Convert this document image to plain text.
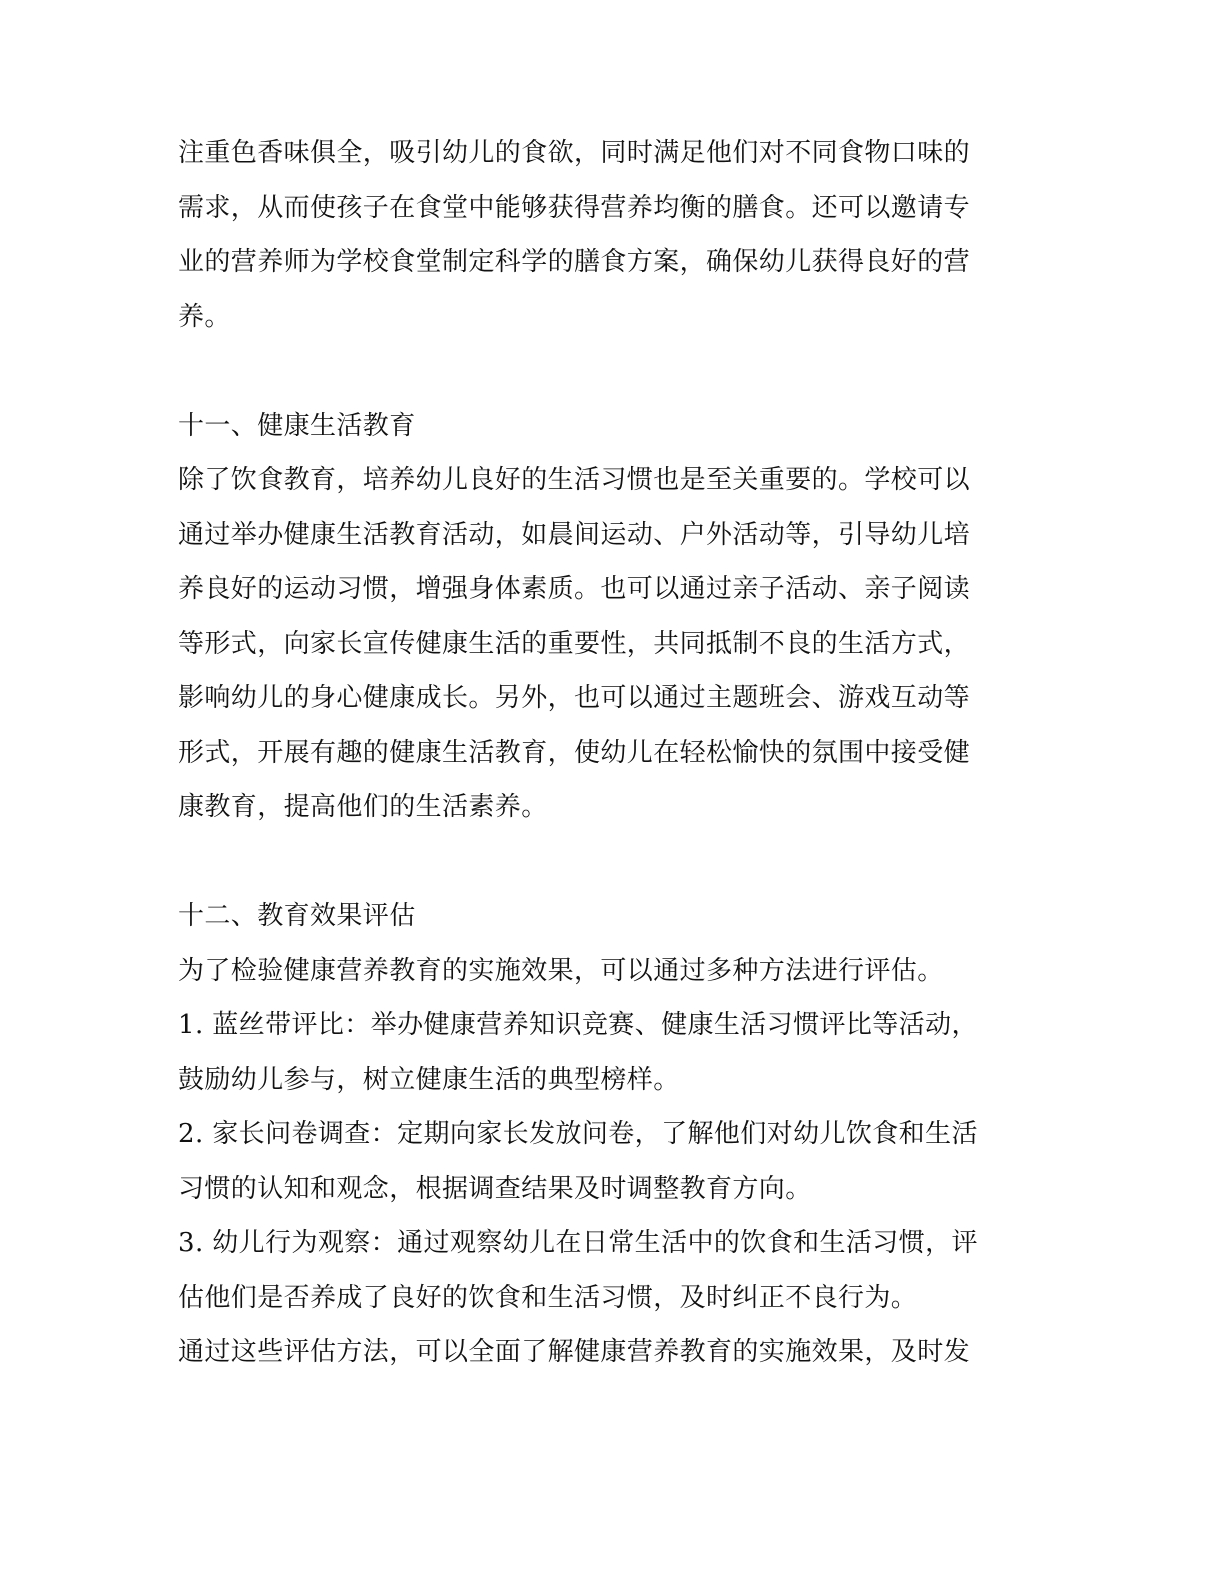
注重色香味俱全，吸引幼儿的食欲，同时满足他们对不同食物口味的
需求，从而使孩子在食堂中能够获得营养均衡的膳食。还可以邀请专
业的营养师为学校食堂制定科学的膳食方案，确保幼儿获得良好的营
养。
十一、健康生活教育
除了饮食教育，培养幼儿良好的生活习惯也是至关重要的。学校可以
通过举办健康生活教育活动，如晨间运动、户外活动等，引导幼儿培
养良好的运动习惯，增强身体素质。也可以通过亲子活动、亲子阅读
等形式，向家长宣传健康生活的重要性，共同抵制不良的生活方式，
影响幼儿的身心健康成长。另外，也可以通过主题班会、游戏互动等
形式，开展有趣的健康生活教育，使幼儿在轻松愉快的氛围中接受健
康教育，提高他们的生活素养。
十二、教育效果评估
为了检验健康营养教育的实施效果，可以通过多种方法进行评估。
1. 蓝丝带评比：举办健康营养知识竞赛、健康生活习惯评比等活动，
鼓励幼儿参与，树立健康生活的典型榜样。
2. 家长问卷调查：定期向家长发放问卷，了解他们对幼儿饮食和生活
习惯的认知和观念，根据调查结果及时调整教育方向。
3. 幼儿行为观察：通过观察幼儿在日常生活中的饮食和生活习惯，评
估他们是否养成了良好的饮食和生活习惯，及时纠正不良行为。
通过这些评估方法，可以全面了解健康营养教育的实施效果，及时发
